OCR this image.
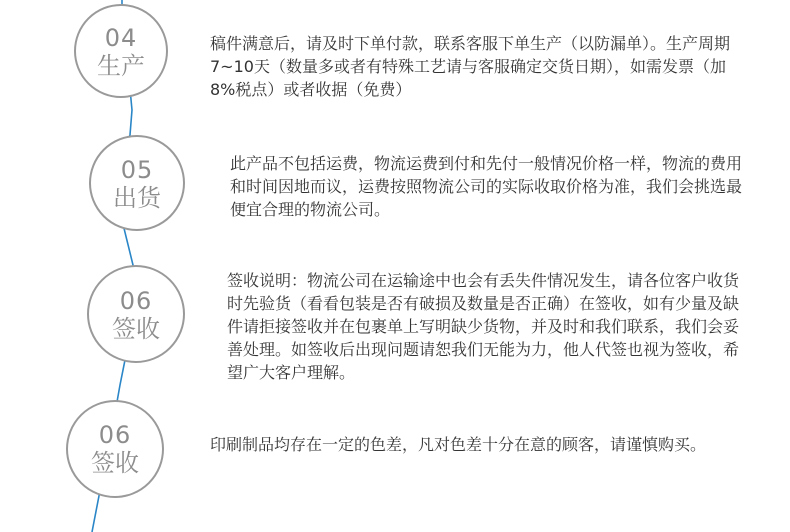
04
生产

稿件满意后，请及时下单付款，联系客服下单生产（以防漏单）。生产周期7~10天（数量多或者有特殊工艺请与客服确定交货日期），如需发票（加8%税点）或者收据（免费）

05
出货

此产品不包括运费，物流运费到付和先付一般情况价格一样，物流的费用和时间因地而议，运费按照物流公司的实际收取价格为准，我们会挑选最便宜合理的物流公司。

06
签收

签收说明：物流公司在运输途中也会有丢失件情况发生，请各位客户收货时先验货（看看包装是否有破损及数量是否正确）在签收，如有少量及缺件请拒接签收并在包裹单上写明缺少货物，并及时和我们联系，我们会妥善处理。如签收后出现问题请恕我们无能为力，他人代签也视为签收，希望广大客户理解。

06
签收

印刷制品均存在一定的色差，凡对色差十分在意的顾客，请谨慎购买。
